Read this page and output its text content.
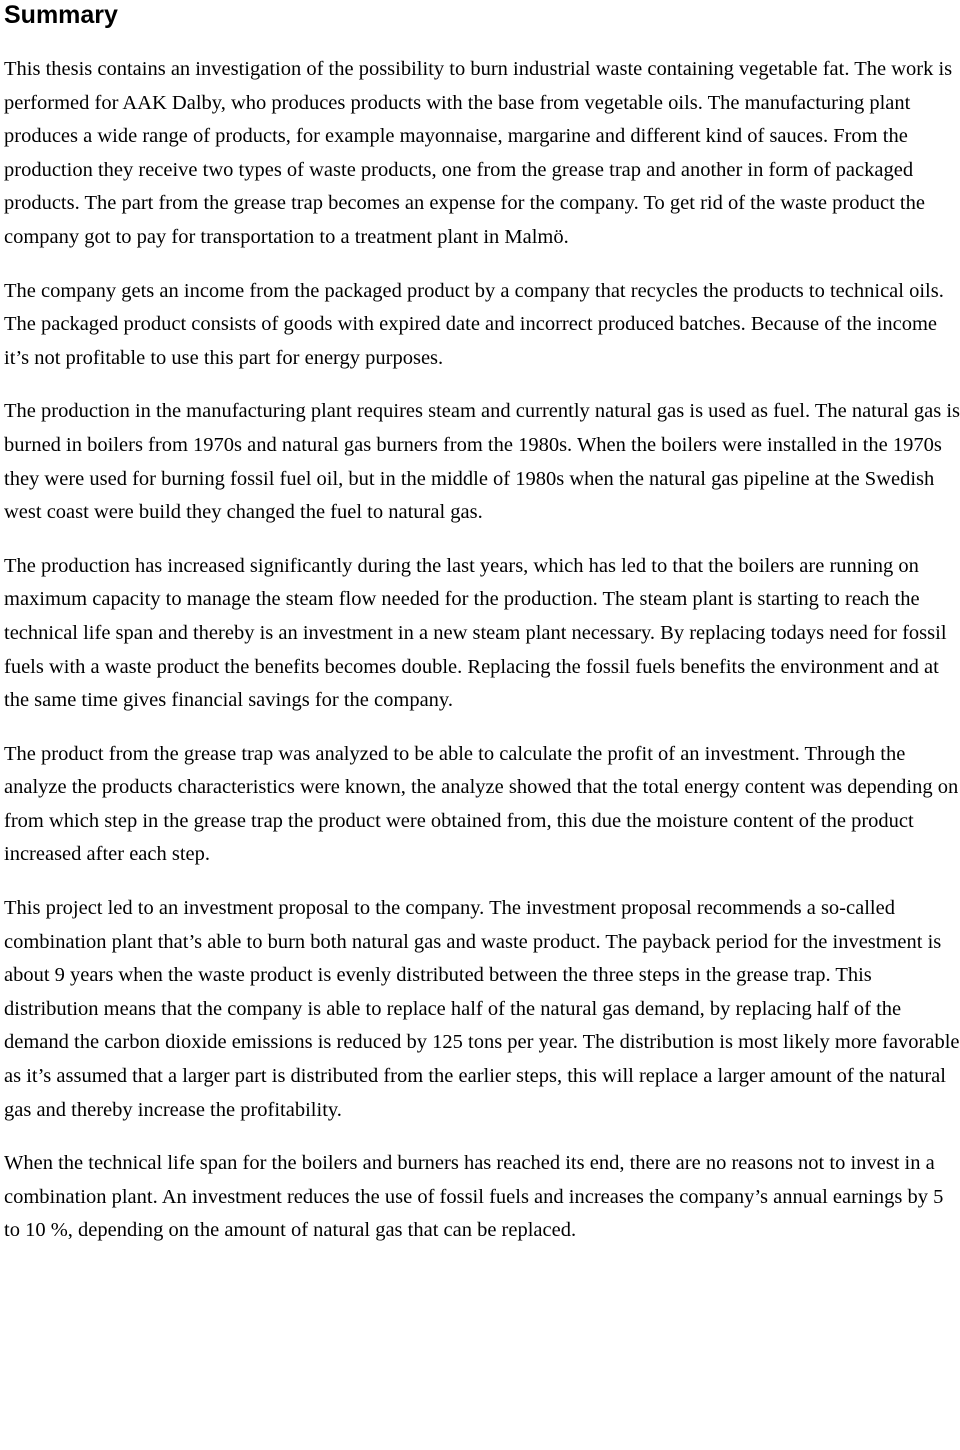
Summary

This thesis contains an investigation of the possibility to burn industrial waste containing vegetable fat. The work is performed for AAK Dalby, who produces products with the base from vegetable oils. The manufacturing plant produces a wide range of products, for example mayonnaise, margarine and different kind of sauces. From the production they receive two types of waste products, one from the grease trap and another in form of packaged products. The part from the grease trap becomes an expense for the company. To get rid of the waste product the company got to pay for transportation to a treatment plant in Malmö.

The company gets an income from the packaged product by a company that recycles the products to technical oils. The packaged product consists of goods with expired date and incorrect produced batches. Because of the income it’s not profitable to use this part for energy purposes.

The production in the manufacturing plant requires steam and currently natural gas is used as fuel. The natural gas is burned in boilers from 1970s and natural gas burners from the 1980s. When the boilers were installed in the 1970s they were used for burning fossil fuel oil, but in the middle of 1980s when the natural gas pipeline at the Swedish west coast were build they changed the fuel to natural gas.

The production has increased significantly during the last years, which has led to that the boilers are running on maximum capacity to manage the steam flow needed for the production. The steam plant is starting to reach the technical life span and thereby is an investment in a new steam plant necessary. By replacing todays need for fossil fuels with a waste product the benefits becomes double. Replacing the fossil fuels benefits the environment and at the same time gives financial savings for the company.

The product from the grease trap was analyzed to be able to calculate the profit of an investment. Through the analyze the products characteristics were known, the analyze showed that the total energy content was depending on from which step in the grease trap the product were obtained from, this due the moisture content of the product increased after each step.

This project led to an investment proposal to the company. The investment proposal recommends a so-called combination plant that’s able to burn both natural gas and waste product. The payback period for the investment is about 9 years when the waste product is evenly distributed between the three steps in the grease trap. This distribution means that the company is able to replace half of the natural gas demand, by replacing half of the demand the carbon dioxide emissions is reduced by 125 tons per year. The distribution is most likely more favorable as it’s assumed that a larger part is distributed from the earlier steps, this will replace a larger amount of the natural gas and thereby increase the profitability.

When the technical life span for the boilers and burners has reached its end, there are no reasons not to invest in a combination plant. An investment reduces the use of fossil fuels and increases the company’s annual earnings by 5 to 10 %, depending on the amount of natural gas that can be replaced.
